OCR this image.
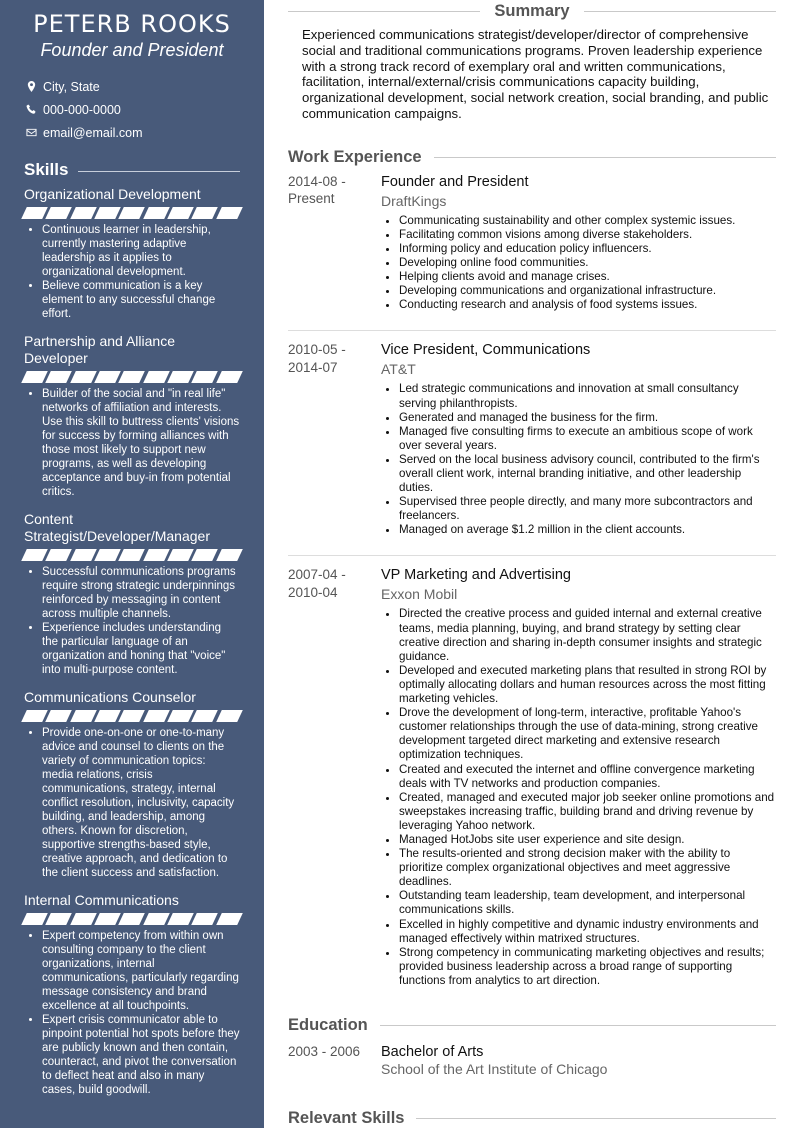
PETERB ROOKS
Founder and President
City, State
000-000-0000
email@email.com
Skills
Organizational Development
• Continuous learner in leadership, currently mastering adaptive leadership as it applies to organizational development.
• Believe communication is a key element to any successful change effort.
Partnership and Alliance Developer
• Builder of the social and "in real life" networks of affiliation and interests. Use this skill to buttress clients' visions for success by forming alliances with those most likely to support new programs, as well as developing acceptance and buy-in from potential critics.
Content Strategist/Developer/Manager
• Successful communications programs require strong strategic underpinnings reinforced by messaging in content across multiple channels.
• Experience includes understanding the particular language of an organization and honing that "voice" into multi-purpose content.
Communications Counselor
• Provide one-on-one or one-to-many advice and counsel to clients on the variety of communication topics: media relations, crisis communications, strategy, internal conflict resolution, inclusivity, capacity building, and leadership, among others. Known for discretion, supportive strengths-based style, creative approach, and dedication to the client success and satisfaction.
Internal Communications
• Expert competency from within own consulting company to the client organizations, internal communications, particularly regarding message consistency and brand excellence at all touchpoints.
• Expert crisis communicator able to pinpoint potential hot spots before they are publicly known and then contain, counteract, and pivot the conversation to deflect heat and also in many cases, build goodwill.
Summary
Experienced communications strategist/developer/director of comprehensive social and traditional communications programs. Proven leadership experience with a strong track record of exemplary oral and written communications, facilitation, internal/external/crisis communications capacity building, organizational development, social network creation, social branding, and public communication campaigns.
Work Experience
2014-08 -
Present
Founder and President
DraftKings
• Communicating sustainability and other complex systemic issues.
• Facilitating common visions among diverse stakeholders.
• Informing policy and education policy influencers.
• Developing online food communities.
• Helping clients avoid and manage crises.
• Developing communications and organizational infrastructure.
• Conducting research and analysis of food systems issues.
2010-05 -
2014-07
Vice President, Communications
AT&T
• Led strategic communications and innovation at small consultancy serving philanthropists.
• Generated and managed the business for the firm.
• Managed five consulting firms to execute an ambitious scope of work over several years.
• Served on the local business advisory council, contributed to the firm's overall client work, internal branding initiative, and other leadership duties.
• Supervised three people directly, and many more subcontractors and freelancers.
• Managed on average $1.2 million in the client accounts.
2007-04 -
2010-04
VP Marketing and Advertising
Exxon Mobil
• Directed the creative process and guided internal and external creative teams, media planning, buying, and brand strategy by setting clear creative direction and sharing in-depth consumer insights and strategic guidance.
• Developed and executed marketing plans that resulted in strong ROI by optimally allocating dollars and human resources across the most fitting marketing vehicles.
• Drove the development of long-term, interactive, profitable Yahoo's customer relationships through the use of data-mining, strong creative development targeted direct marketing and extensive research optimization techniques.
• Created and executed the internet and offline convergence marketing deals with TV networks and production companies.
• Created, managed and executed major job seeker online promotions and sweepstakes increasing traffic, building brand and driving revenue by leveraging Yahoo network.
• Managed HotJobs site user experience and site design.
• The results-oriented and strong decision maker with the ability to prioritize complex organizational objectives and meet aggressive deadlines.
• Outstanding team leadership, team development, and interpersonal communications skills.
• Excelled in highly competitive and dynamic industry environments and managed effectively within matrixed structures.
• Strong competency in communicating marketing objectives and results; provided business leadership across a broad range of supporting functions from analytics to art direction.
Education
2003 - 2006	Bachelor of Arts
School of the Art Institute of Chicago
Relevant Skills
